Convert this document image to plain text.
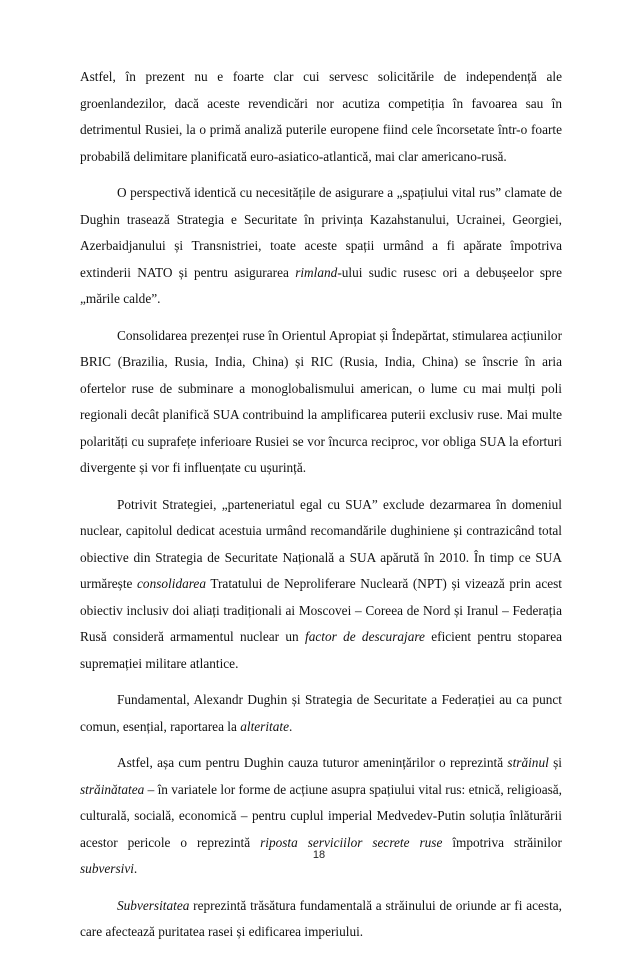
Astfel, în prezent nu e foarte clar cui servesc solicitările de independență ale groenlandezilor, dacă aceste revendicări nor acutiza competiția în favoarea sau în detrimentul Rusiei, la o primă analiză puterile europene fiind cele încorsetate într-o foarte probabilă delimitare planificată euro-asiatico-atlantică, mai clar americano-rusă.

O perspectivă identică cu necesitățile de asigurare a „spațiului vital rus” clamate de Dughin trasează Strategia e Securitate în privința Kazahstanului, Ucrainei, Georgiei, Azerbaidjanului și Transnistriei, toate aceste spații urmând a fi apărate împotriva extinderii NATO și pentru asigurarea rimland-ului sudic rusesc ori a debușeelor spre „mările calde”.

Consolidarea prezenței ruse în Orientul Apropiat și Îndepărtat, stimularea acțiunilor BRIC (Brazilia, Rusia, India, China) și RIC (Rusia, India, China) se înscrie în aria ofertelor ruse de subminare a monoglobalismului american, o lume cu mai mulți poli regionali decât planifică SUA contribuind la amplificarea puterii exclusiv ruse. Mai multe polarități cu suprafețe inferioare Rusiei se vor încurca reciproc, vor obliga SUA la eforturi divergente și vor fi influențate cu ușurință.

Potrivit Strategiei, „parteneriatul egal cu SUA” exclude dezarmarea în domeniul nuclear, capitolul dedicat acestuia urmând recomandările dughiniene și contrazicând total obiective din Strategia de Securitate Națională a SUA apărută în 2010. În timp ce SUA urmărește consolidarea Tratatului de Neproliferare Nucleară (NPT) și vizează prin acest obiectiv inclusiv doi aliați tradiționali ai Moscovei – Coreea de Nord și Iranul – Federația Rusă consideră armamentul nuclear un factor de descurajare eficient pentru stoparea supremației militare atlantice.

Fundamental, Alexandr Dughin și Strategia de Securitate a Federației au ca punct comun, esențial, raportarea la alteritate.

Astfel, așa cum pentru Dughin cauza tuturor amenințărilor o reprezintă străinul și străinătatea – în variatele lor forme de acțiune asupra spațiului vital rus: etnică, religioasă, culturală, socială, economică – pentru cuplul imperial Medvedev-Putin soluția înlăturării acestor pericole o reprezintă riposta serviciilor secrete ruse împotriva străinilor subversivi.

Subversitatea reprezintă trăsătura fundamentală a străinului de oriunde ar fi acesta, care afectează puritatea rasei și edificarea imperiului.

18
